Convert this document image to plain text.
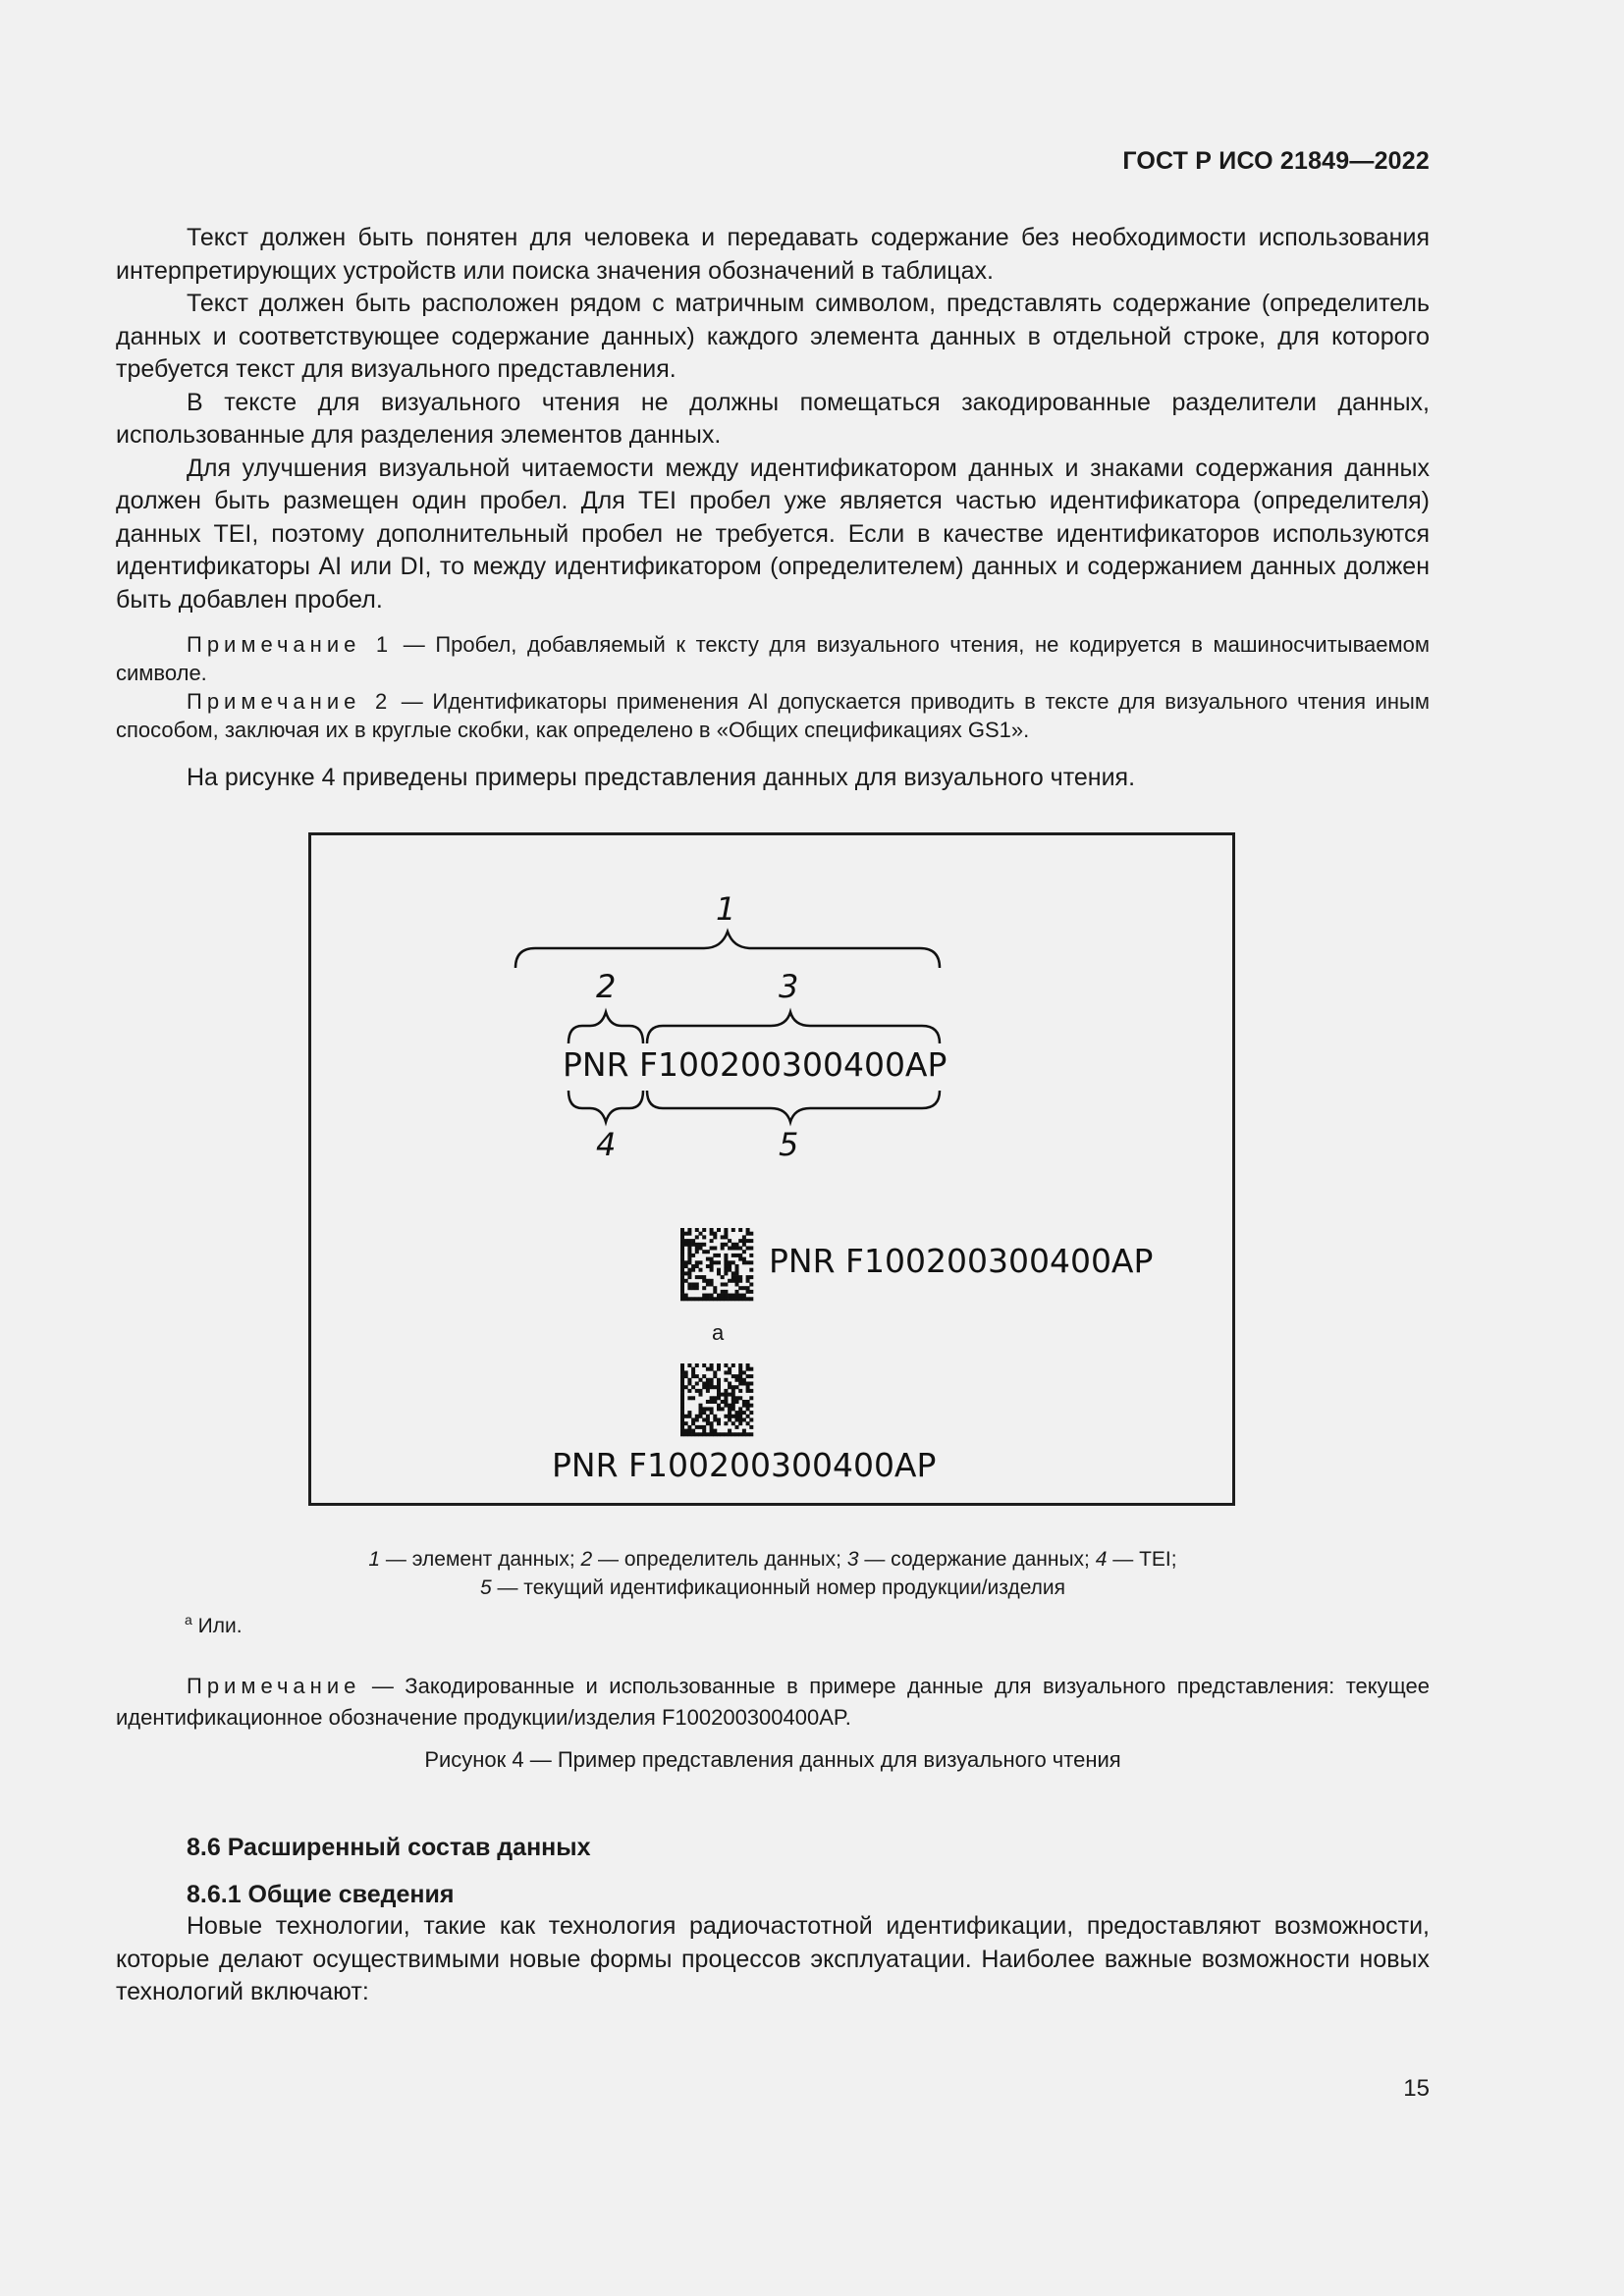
ГОСТ Р ИСО 21849—2022

Текст должен быть понятен для человека и передавать содержание без необходимости использования интерпретирующих устройств или поиска значения обозначений в таблицах.

Текст должен быть расположен рядом с матричным символом, представлять содержание (определитель данных и соответствующее содержание данных) каждого элемента данных в отдельной строке, для которого требуется текст для визуального представления.

В тексте для визуального чтения не должны помещаться закодированные разделители данных, использованные для разделения элементов данных.

Для улучшения визуальной читаемости между идентификатором данных и знаками содержания данных должен быть размещен один пробел. Для TEI пробел уже является частью идентификатора (определителя) данных TEI, поэтому дополнительный пробел не требуется. Если в качестве идентификаторов используются идентификаторы AI или DI, то между идентификатором (определителем) данных и содержанием данных должен быть добавлен пробел.

Примечание 1 — Пробел, добавляемый к тексту для визуального чтения, не кодируется в машиносчитываемом символе.

Примечание 2 — Идентификаторы применения AI допускается приводить в тексте для визуального чтения иным способом, заключая их в круглые скобки, как определено в «Общих спецификациях GS1».

На рисунке 4 приведены примеры представления данных для визуального чтения.

1
2	3
PNR F100200300400AP
4	5
PNR F100200300400AP
a
PNR F100200300400AP
1 — элемент данных; 2 — определитель данных; 3 — содержание данных; 4 — TEI;
5 — текущий идентификационный номер продукции/изделия
$^a$ Или.
Примечание — Закодированные и использованные в примере данные для визуального представления: текущее идентификационное обозначение продукции/изделия F100200300400AP.
Рисунок 4 — Пример представления данных для визуального чтения
8.6 Расширенный состав данных
8.6.1 Общие сведения
Новые технологии, такие как технология радиочастотной идентификации, предоставляют возможности, которые делают осуществимыми новые формы процессов эксплуатации. Наиболее важные возможности новых технологий включают:
15
